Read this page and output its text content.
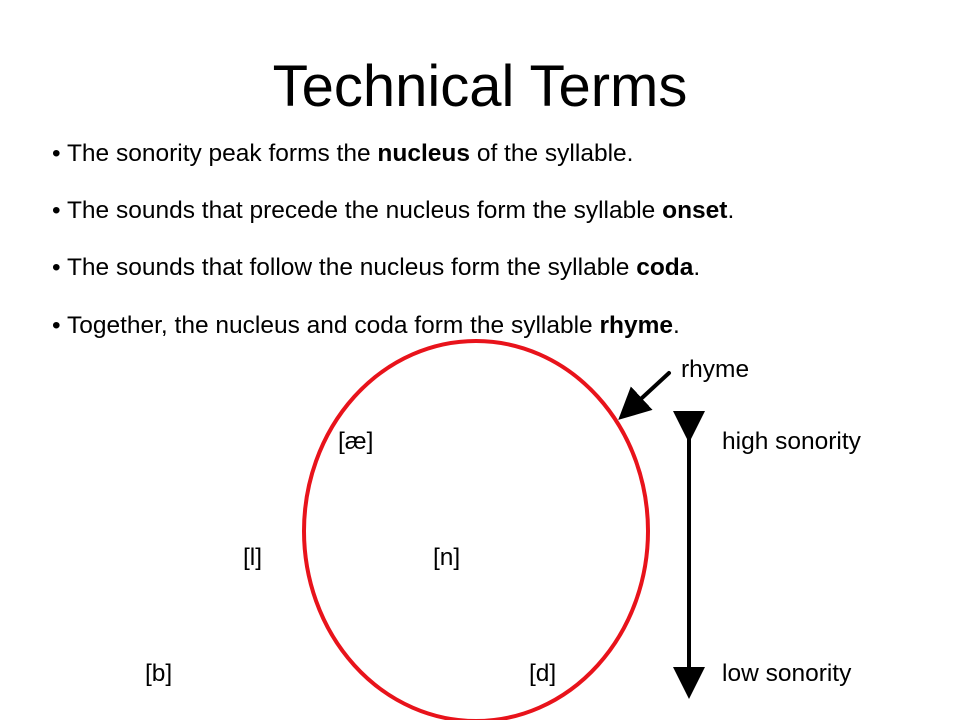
Technical Terms
• The sonority peak forms the nucleus of the syllable.
• The sounds that precede the nucleus form the syllable onset.
• The sounds that follow the nucleus form the syllable coda.
• Together, the nucleus and coda form the syllable rhyme.
rhyme
[æ]
[l]	[n]
[b]	[d]
high sonority
low sonority
